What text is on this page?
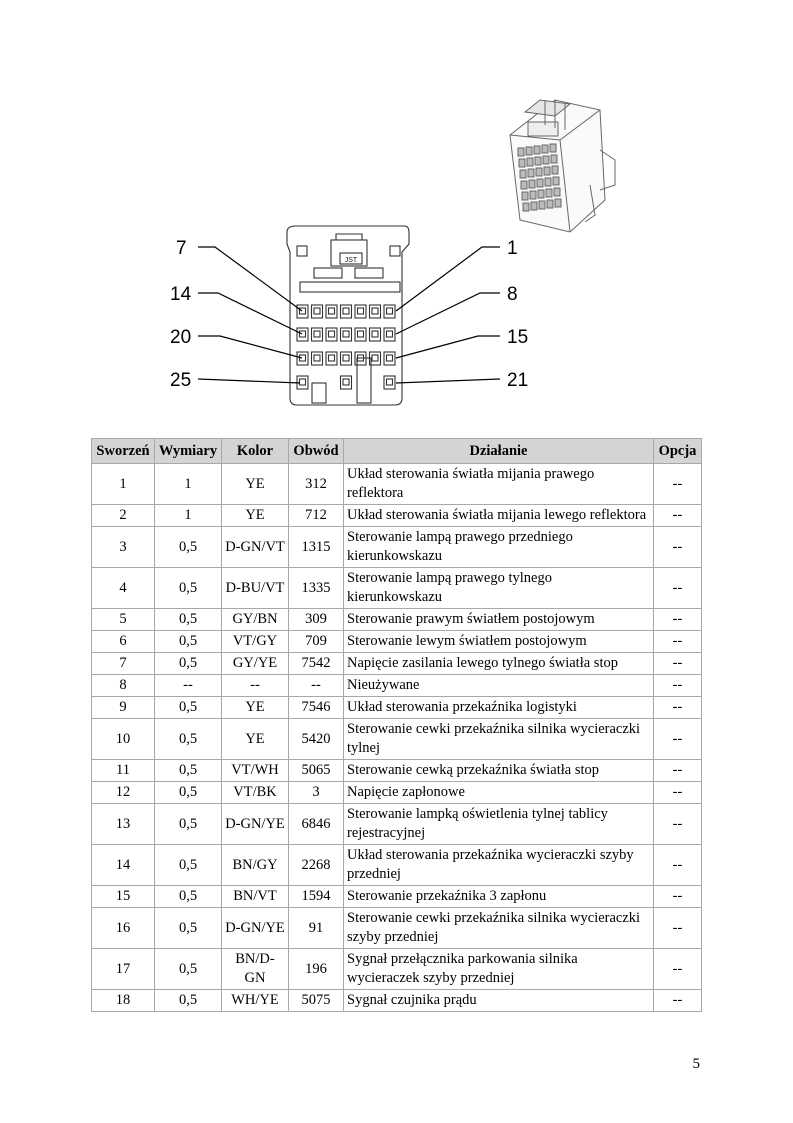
JST
7
14
20
25
1
8
15
21
Sworzeń	Wymiary	Kolor	Obwód	Działanie	Opcja
1	1	YE	312	Układ sterowania światła mijania prawego reflektora	--
2	1	YE	712	Układ sterowania światła mijania lewego reflektora	--
3	0,5	D-GN/VT	1315	Sterowanie lampą prawego przedniego kierunkowskazu	--
4	0,5	D-BU/VT	1335	Sterowanie lampą prawego tylnego kierunkowskazu	--
5	0,5	GY/BN	309	Sterowanie prawym światłem postojowym	--
6	0,5	VT/GY	709	Sterowanie lewym światłem postojowym	--
7	0,5	GY/YE	7542	Napięcie zasilania lewego tylnego światła stop	--
8	--	--	--	Nieużywane	--
9	0,5	YE	7546	Układ sterowania przekaźnika logistyki	--
10	0,5	YE	5420	Sterowanie cewki przekaźnika silnika wycieraczki tylnej	--
11	0,5	VT/WH	5065	Sterowanie cewką przekaźnika światła stop	--
12	0,5	VT/BK	3	Napięcie zapłonowe	--
13	0,5	D-GN/YE	6846	Sterowanie lampką oświetlenia tylnej tablicy rejestracyjnej	--
14	0,5	BN/GY	2268	Układ sterowania przekaźnika wycieraczki szyby przedniej	--
15	0,5	BN/VT	1594	Sterowanie przekaźnika 3 zapłonu	--
16	0,5	D-GN/YE	91	Sterowanie cewki przekaźnika silnika wycieraczki szyby przedniej	--
17	0,5	BN/D-GN	196	Sygnał przełącznika parkowania silnika wycieraczek szyby przedniej	--
18	0,5	WH/YE	5075	Sygnał czujnika prądu	--
5
